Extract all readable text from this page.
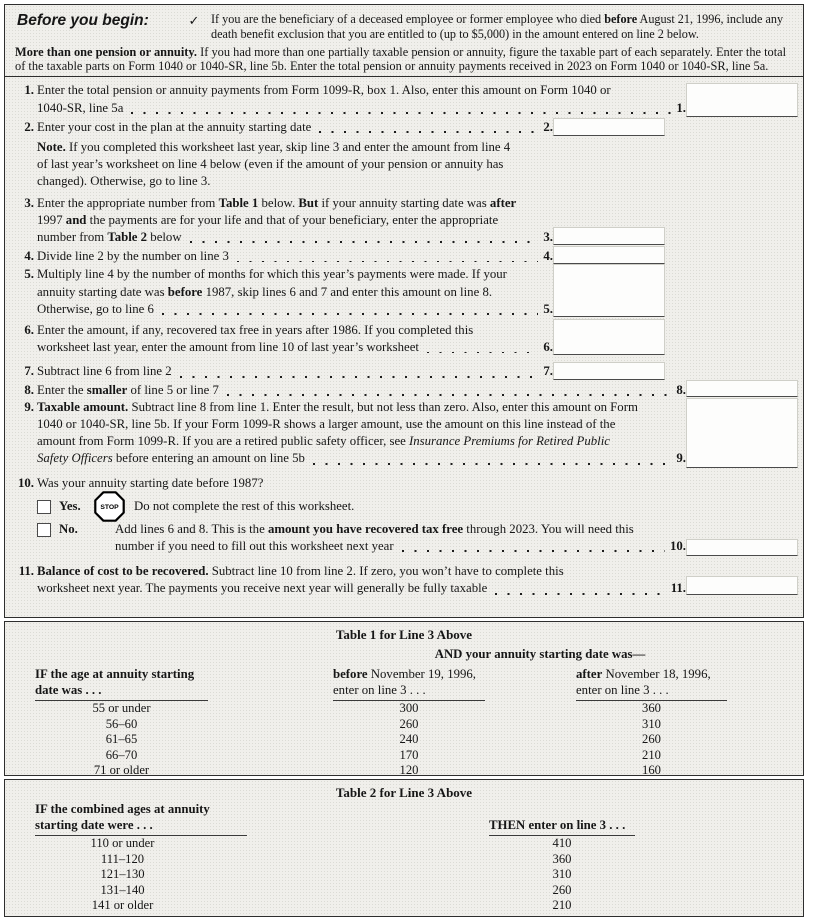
Before you begin:	✓ If you are the beneficiary of a deceased employee or former employee who died before August 21, 1996, include any death benefit exclusion that you are entitled to (up to $5,000) in the amount entered on line 2 below.
More than one pension or annuity. If you had more than one partially taxable pension or annuity, figure the taxable part of each separately. Enter the total of the taxable parts on Form 1040 or 1040-SR, line 5b. Enter the total pension or annuity payments received in 2023 on Form 1040 or 1040-SR, line 5a.
1. Enter the total pension or annuity payments from Form 1099-R, box 1. Also, enter this amount on Form 1040 or
1040-SR, line 5a	1.
2. Enter your cost in the plan at the annuity starting date	2.
Note. If you completed this worksheet last year, skip line 3 and enter the amount from line 4
of last year’s worksheet on line 4 below (even if the amount of your pension or annuity has
changed). Otherwise, go to line 3.
3. Enter the appropriate number from Table 1 below. But if your annuity starting date was after
1997 and the payments are for your life and that of your beneficiary, enter the appropriate
number from Table 2 below	3.
4. Divide line 2 by the number on line 3	4.
5. Multiply line 4 by the number of months for which this year’s payments were made. If your
annuity starting date was before 1987, skip lines 6 and 7 and enter this amount on line 8.
Otherwise, go to line 6	5.
6. Enter the amount, if any, recovered tax free in years after 1986. If you completed this
worksheet last year, enter the amount from line 10 of last year’s worksheet	6.
7. Subtract line 6 from line 2	7.
8. Enter the smaller of line 5 or line 7	8.
9. Taxable amount. Subtract line 8 from line 1. Enter the result, but not less than zero. Also, enter this amount on Form
1040 or 1040-SR, line 5b. If your Form 1099-R shows a larger amount, use the amount on this line instead of the
amount from Form 1099-R. If you are a retired public safety officer, see Insurance Premiums for Retired Public
Safety Officers before entering an amount on line 5b	9.
10. Was your annuity starting date before 1987?
Yes.	STOP Do not complete the rest of this worksheet.
No.	Add lines 6 and 8. This is the amount you have recovered tax free through 2023. You will need this
number if you need to fill out this worksheet next year	10.
11. Balance of cost to be recovered. Subtract line 10 from line 2. If zero, you won’t have to complete this
worksheet next year. The payments you receive next year will generally be fully taxable	11.
Table 1 for Line 3 Above
AND your annuity starting date was—
IF the age at annuity starting
date was . . .
before November 19, 1996,
enter on line 3 . . .
after November 18, 1996,
enter on line 3 . . .
55 or under	300	360
56–60	260	310
61–65	240	260
66–70	170	210
71 or older	120	160
Table 2 for Line 3 Above
IF the combined ages at annuity
starting date were . . .	THEN enter on line 3 . . .
110 or under	410
111–120	360
121–130	310
131–140	260
141 or older	210
